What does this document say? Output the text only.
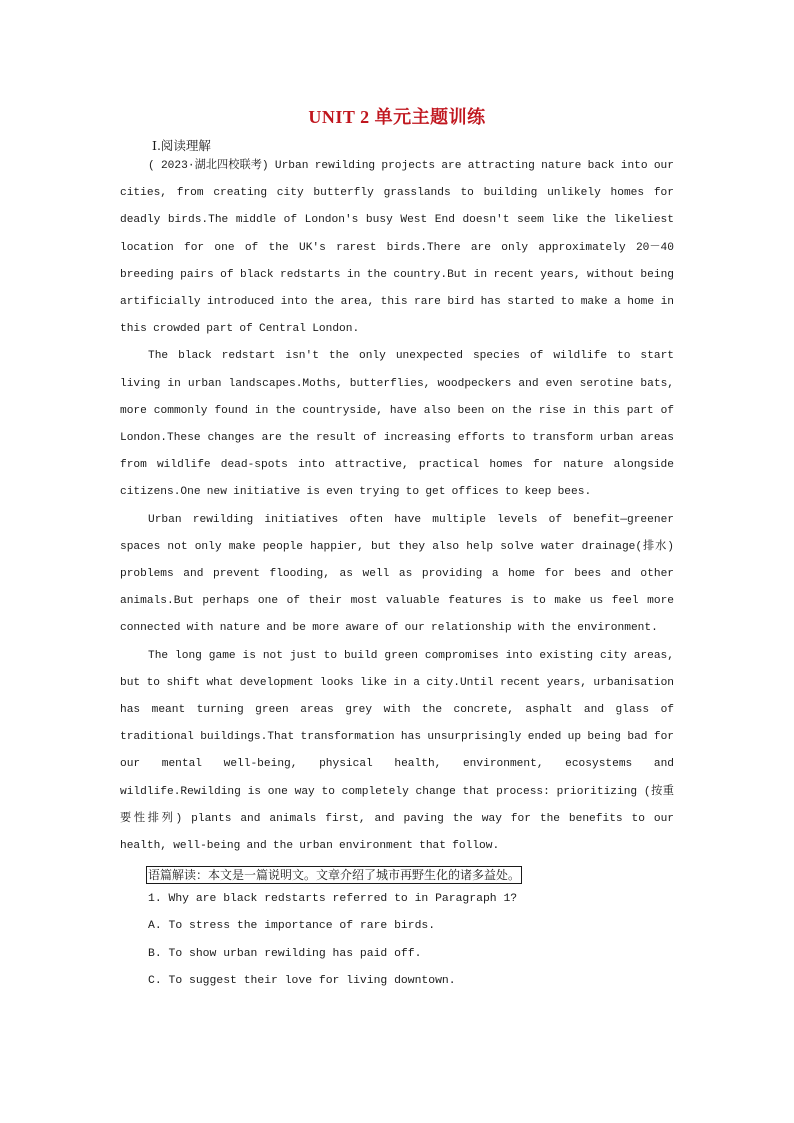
UNIT 2 单元主题训练
Ⅰ.阅读理解

( 2023·湖北四校联考) Urban rewilding projects are attracting nature back into our cities, from creating city butterfly grasslands to building unlikely homes for deadly birds.The middle of London's busy West End doesn't seem like the likeliest location for one of the UK's rarest birds.There are only approximately 20－40 breeding pairs of black redstarts in the country.But in recent years, without being artificially introduced into the area, this rare bird has started to make a home in this crowded part of Central London.

The black redstart isn't the only unexpected species of wildlife to start living in urban landscapes.Moths, butterflies, woodpeckers and even serotine bats, more commonly found in the countryside, have also been on the rise in this part of London.These changes are the result of increasing efforts to transform urban areas from wildlife dead-spots into attractive, practical homes for nature alongside citizens.One new initiative is even trying to get offices to keep bees.

Urban rewilding initiatives often have multiple levels of benefit—greener spaces not only make people happier, but they also help solve water drainage(排水) problems and prevent flooding, as well as providing a home for bees and other animals.But perhaps one of their most valuable features is to make us feel more connected with nature and be more aware of our relationship with the environment.

The long game is not just to build green compromises into existing city areas, but to shift what development looks like in a city.Until recent years, urbanisation has meant turning green areas grey with the concrete, asphalt and glass of traditional buildings.That transformation has unsurprisingly ended up being bad for our mental well-being, physical health, environment, ecosystems and wildlife.Rewilding is one way to completely change that process: prioritizing (按重要性排列) plants and animals first, and paving the way for the benefits to our health, well-being and the urban environment that follow.

语篇解读：本文是一篇说明文。文章介绍了城市再野生化的诸多益处。
1. Why are black redstarts referred to in Paragraph 1?
A. To stress the importance of rare birds.
B. To show urban rewilding has paid off.
C. To suggest their love for living downtown.
